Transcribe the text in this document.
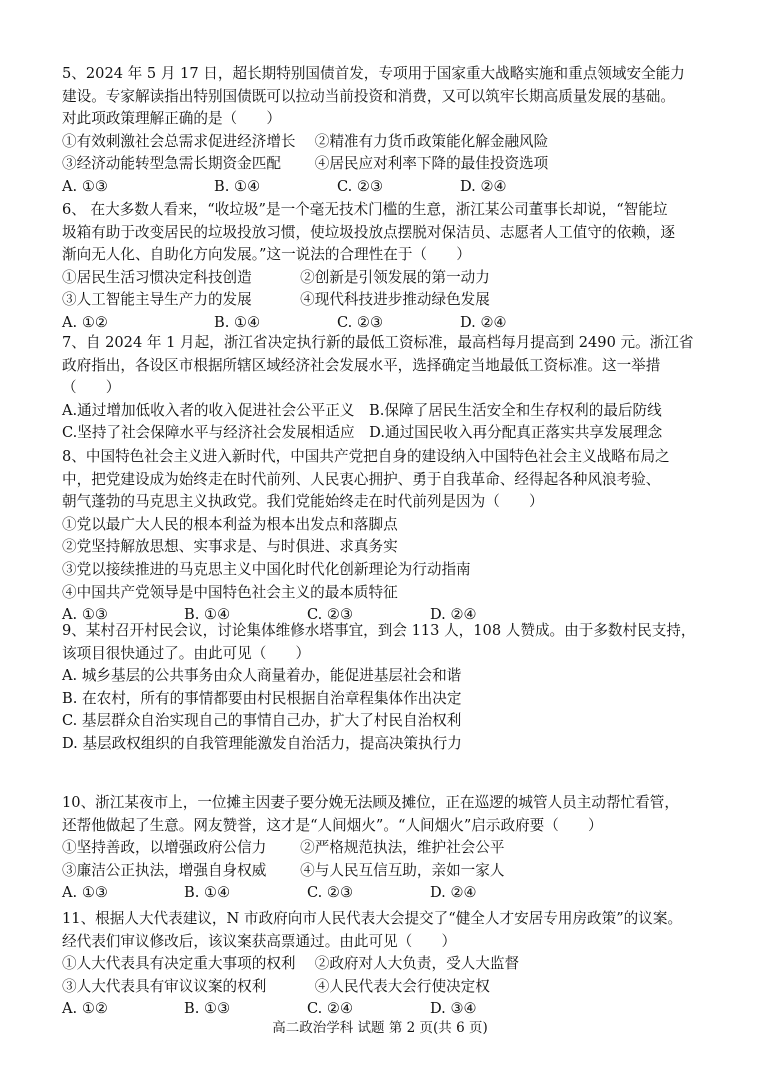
5、2024 年 5 月 17 日，超长期特别国债首发，专项用于国家重大战略实施和重点领域安全能力
建设。专家解读指出特别国债既可以拉动当前投资和消费，又可以筑牢长期高质量发展的基础。
对此项政策理解正确的是（　　）
①有效刺激社会总需求促进经济增长　 ②精准有力货币政策能化解金融风险
③经济动能转型急需长期资金匹配　　 ④居民应对利率下降的最佳投资选项
A. ①③	B. ①④	C. ②③	D. ②④
6、 在大多数人看来，“收垃圾”是一个毫无技术门槛的生意，浙江某公司董事长却说，“智能垃
圾箱有助于改变居民的垃圾投放习惯，使垃圾投放点摆脱对保洁员、志愿者人工值守的依赖，逐
渐向无人化、自助化方向发展。”这一说法的合理性在于（　　）
①居民生活习惯决定科技创造　　　 ②创新是引领发展的第一动力
③人工智能主导生产力的发展　　　 ④现代科技进步推动绿色发展
A. ①②	B. ①④	C. ②③	D. ②④
7、自 2024 年 1 月起，浙江省决定执行新的最低工资标准，最高档每月提高到 2490 元。浙江省
政府指出，各设区市根据所辖区域经济社会发展水平，选择确定当地最低工资标准。这一举措
（　　）
A.通过增加低收入者的收入促进社会公平正义　B.保障了居民生活安全和生存权利的最后防线
C.坚持了社会保障水平与经济社会发展相适应　D.通过国民收入再分配真正落实共享发展理念
8、中国特色社会主义进入新时代，中国共产党把自身的建设纳入中国特色社会主义战略布局之
中，把党建设成为始终走在时代前列、人民衷心拥护、勇于自我革命、经得起各种风浪考验、
朝气蓬勃的马克思主义执政党。我们党能始终走在时代前列是因为（　　）
①党以最广大人民的根本利益为根本出发点和落脚点
②党坚持解放思想、实事求是、与时俱进、求真务实
③党以接续推进的马克思主义中国化时代化创新理论为行动指南
④中国共产党领导是中国特色社会主义的最本质特征
A. ①③	B. ①④	C. ②③	D. ②④
9、某村召开村民会议，讨论集体维修水塔事宜，到会 113 人，108 人赞成。由于多数村民支持，
该项目很快通过了。由此可见（　　）
A. 城乡基层的公共事务由众人商量着办，能促进基层社会和谐
B. 在农村，所有的事情都要由村民根据自治章程集体作出决定
C. 基层群众自治实现自己的事情自己办，扩大了村民自治权利
D. 基层政权组织的自我管理能激发自治活力，提高决策执行力
10、浙江某夜市上，一位摊主因妻子要分娩无法顾及摊位，正在巡逻的城管人员主动帮忙看管，
还帮他做起了生意。网友赞誉，这才是“人间烟火”。“人间烟火”启示政府要（　　）
①坚持善政，以增强政府公信力　　 ②严格规范执法，维护社会公平
③廉洁公正执法，增强自身权威　　 ④与人民互信互助，亲如一家人
A. ①③	B. ①④	C. ②③	D. ②④
11、根据人大代表建议，N 市政府向市人民代表大会提交了“健全人才安居专用房政策”的议案。
经代表们审议修改后，该议案获高票通过。由此可见（　　）
①人大代表具有决定重大事项的权利　 ②政府对人大负责，受人大监督
③人大代表具有审议议案的权利　　　 ④人民代表大会行使决定权
A. ①②	B. ①③	C. ②④	D. ③④
高二政治学科 试题 第 2 页(共 6 页)
